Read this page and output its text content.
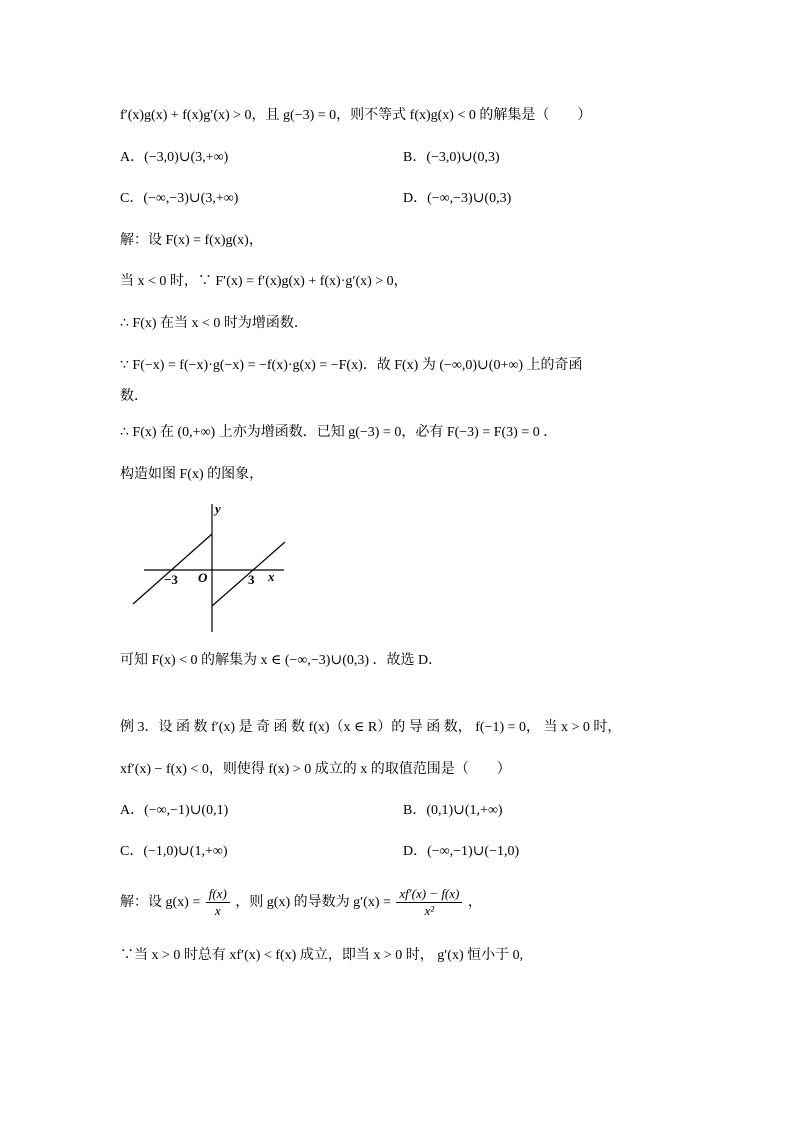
f′(x)g(x) + f(x)g′(x) > 0，且 g(−3) = 0，则不等式 f(x)g(x) < 0 的解集是（　　）
A．(−3,0)∪(3,+∞)	B．(−3,0)∪(0,3)
C．(−∞,−3)∪(3,+∞)	D．(−∞,−3)∪(0,3)
解：设 F(x) = f(x)g(x)，
当 x < 0 时，∵ F′(x) = f′(x)g(x) + f(x)·g′(x) > 0，
∴ F(x) 在当 x < 0 时为增函数．
∵ F(−x) = f(−x)·g(−x) = −f(x)·g(x) = −F(x)．故 F(x) 为 (−∞,0)∪(0+∞) 上的奇函
数．
∴ F(x) 在 (0,+∞) 上亦为增函数．已知 g(−3) = 0，必有 F(−3) = F(3) = 0 ．
构造如图 F(x) 的图象，
y
x
O
−3	3
可知 F(x) < 0 的解集为 x ∈ (−∞,−3)∪(0,3) ．故选 D．
例 3．设 函 数 f′(x) 是 奇 函 数 f(x)（x ∈ R）的 导 函 数， f(−1) = 0， 当 x > 0 时，
xf′(x) − f(x) < 0，则使得 f(x) > 0 成立的 x 的取值范围是（　　）
A．(−∞,−1)∪(0,1)	B．(0,1)∪(1,+∞)
C．(−1,0)∪(1,+∞)	D．(−∞,−1)∪(−1,0)
解：设 $g(x) = \frac{f(x)}{x}$ ，则 g(x) 的导数为 $g'(x) = \frac{xf'(x) - f(x)}{\text{x²}}$ ，
∵当 x > 0 时总有 xf′(x) < f(x) 成立，即当 x > 0 时， g′(x) 恒小于 0,
